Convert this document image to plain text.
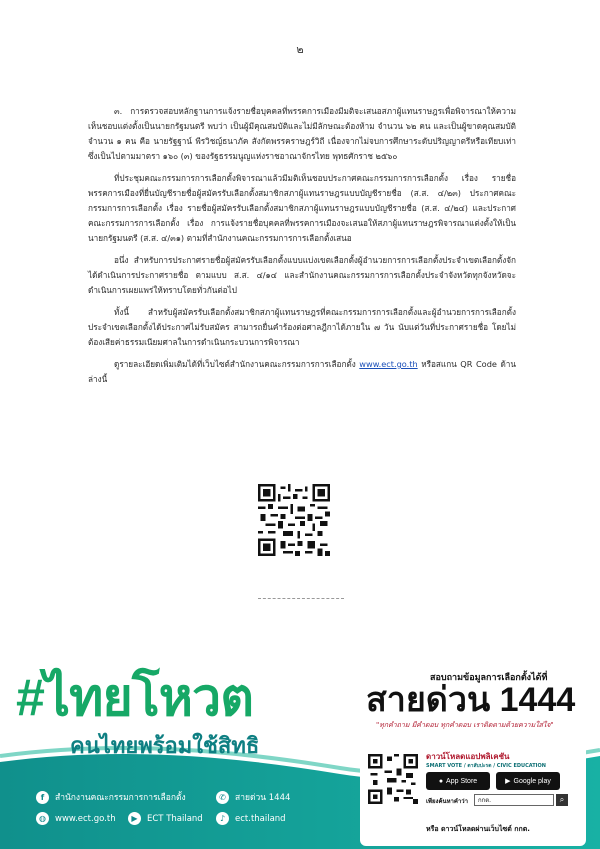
๒

๓. การตรวจสอบหลักฐานการแจ้งรายชื่อบุคคลที่พรรคการเมืองมีมติจะเสนอสภาผู้แทนราษฎรเพื่อพิจารณาให้ความเห็นชอบแต่งตั้งเป็นนายกรัฐมนตรี พบว่า เป็นผู้มีคุณสมบัติและไม่มีลักษณะต้องห้าม จำนวน ๖๒ คน และเป็นผู้ขาดคุณสมบัติ จำนวน ๑ คน คือ นายรัฐฐาน์ พีรวิชญ์ธนาภัค สังกัดพรรคราษฎร์วิถี เนื่องจากไม่จบการศึกษาระดับปริญญาตรีหรือเทียบเท่า ซึ่งเป็นไปตามมาตรา ๑๖๐ (๓) ของรัฐธรรมนูญแห่งราชอาณาจักรไทย พุทธศักราช ๒๕๖๐

ที่ประชุมคณะกรรมการการเลือกตั้งพิจารณาแล้วมีมติเห็นชอบประกาศคณะกรรมการการเลือกตั้ง เรื่อง รายชื่อพรรคการเมืองที่ยื่นบัญชีรายชื่อผู้สมัครรับเลือกตั้งสมาชิกสภาผู้แทนราษฎรแบบบัญชีรายชื่อ (ส.ส. ๔/๒๓) ประกาศคณะกรรมการการเลือกตั้ง เรื่อง รายชื่อผู้สมัครรับเลือกตั้งสมาชิกสภาผู้แทนราษฎรแบบบัญชีรายชื่อ (ส.ส. ๔/๒๔) และประกาศคณะกรรมการการเลือกตั้ง เรื่อง การแจ้งรายชื่อบุคคลที่พรรคการเมืองจะเสนอให้สภาผู้แทนราษฎรพิจารณาแต่งตั้งให้เป็นนายกรัฐมนตรี (ส.ส. ๔/๓๑) ตามที่สำนักงานคณะกรรมการการเลือกตั้งเสนอ

อนึ่ง สำหรับการประกาศรายชื่อผู้สมัครรับเลือกตั้งแบบแบ่งเขตเลือกตั้งผู้อำนวยการการเลือกตั้งประจำเขตเลือกตั้งจักได้ดำเนินการประกาศรายชื่อ ตามแบบ ส.ส. ๔/๑๔ และสำนักงานคณะกรรมการการเลือกตั้งประจำจังหวัดทุกจังหวัดจะดำเนินการเผยแพร่ให้ทราบโดยทั่วกันต่อไป

ทั้งนี้ สำหรับผู้สมัครรับเลือกตั้งสมาชิกสภาผู้แทนราษฎรที่คณะกรรมการการเลือกตั้งและผู้อำนวยการการเลือกตั้งประจำเขตเลือกตั้งได้ประกาศไม่รับสมัคร สามารถยื่นคำร้องต่อศาลฎีกาได้ภายใน ๗ วัน นับแต่วันที่ประกาศรายชื่อ โดยไม่ต้องเสียค่าธรรมเนียมศาลในการดำเนินกระบวนการพิจารณา

ดูรายละเอียดเพิ่มเติมได้ที่เว็บไซต์สำนักงานคณะกรรมการการเลือกตั้ง www.ect.go.th หรือสแกน QR Code ด้านล่างนี้

#ไทยโหวต
คนไทยพร้อมใช้สิทธิ
f	สำนักงานคณะกรรมการการเลือกตั้ง	✆	สายด่วน 1444
◍	www.ect.go.th	▶	ECT Thailand	♪	ect.thailand
สอบถามข้อมูลการเลือกตั้งได้ที่
สายด่วน 1444
"ทุกคำถาม มีคำตอบ ทุกคำตอบ เราติดตามด้วยความใส่ใจ"
ดาวน์โหลดแอปพลิเคชัน
SMART VOTE / ตาสับปะรด / CIVIC EDUCATION
● App Store	▶ Google play
เพียงค้นหาคำว่า	กกต.	⌕
หรือ ดาวน์โหลดผ่านเว็บไซต์ กกต.
